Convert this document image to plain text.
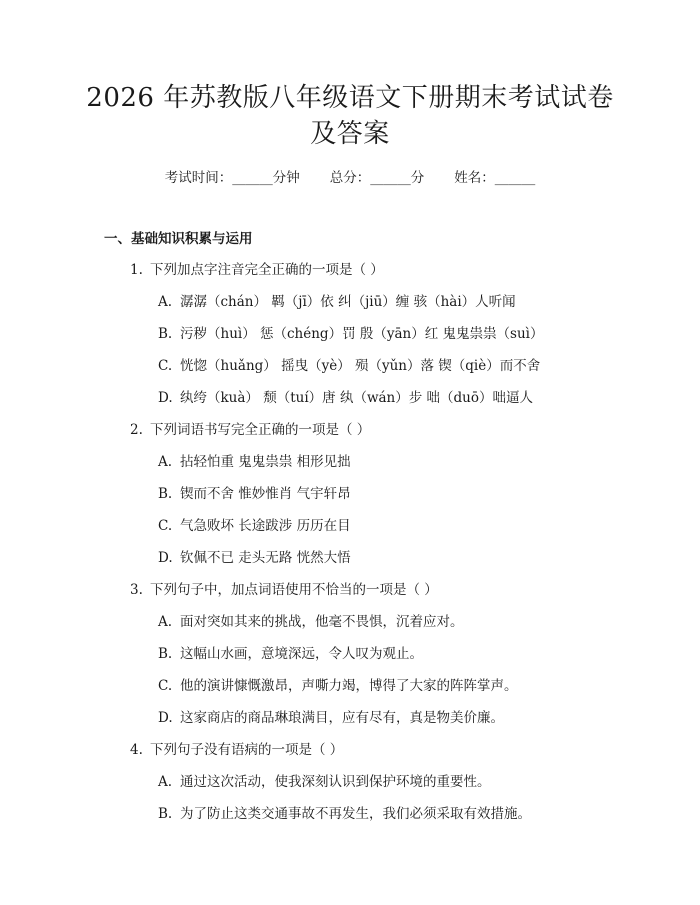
2026 年苏教版八年级语文下册期末考试试卷
及答案
考试时间：______分钟 总分：______分 姓名：______
一、基础知识积累与运用
1. 下列加点字注音完全正确的一项是（ ）
A. 潺潺（chán） 羁（jī）依 纠（jiū）缠 骇（hài）人听闻
B. 污秽（huì） 惩（chéng）罚 殷（yān）红 鬼鬼祟祟（suì）
C. 恍惚（huǎng） 摇曳（yè） 殒（yǔn）落 锲（qiè）而不舍
D. 纨绔（kuà） 颓（tuí）唐 纨（wán）步 咄（duō）咄逼人
2. 下列词语书写完全正确的一项是（ ）
A. 拈轻怕重 鬼鬼祟祟 相形见拙
B. 锲而不舍 惟妙惟肖 气宇轩昂
C. 气急败坏 长途跋涉 历历在目
D. 钦佩不已 走头无路 恍然大悟
3. 下列句子中，加点词语使用不恰当的一项是（ ）
A. 面对突如其来的挑战，他毫不畏惧，沉着应对。
B. 这幅山水画，意境深远，令人叹为观止。
C. 他的演讲慷慨激昂，声嘶力竭，博得了大家的阵阵掌声。
D. 这家商店的商品琳琅满目，应有尽有，真是物美价廉。
4. 下列句子没有语病的一项是（ ）
A. 通过这次活动，使我深刻认识到保护环境的重要性。
B. 为了防止这类交通事故不再发生，我们必须采取有效措施。
